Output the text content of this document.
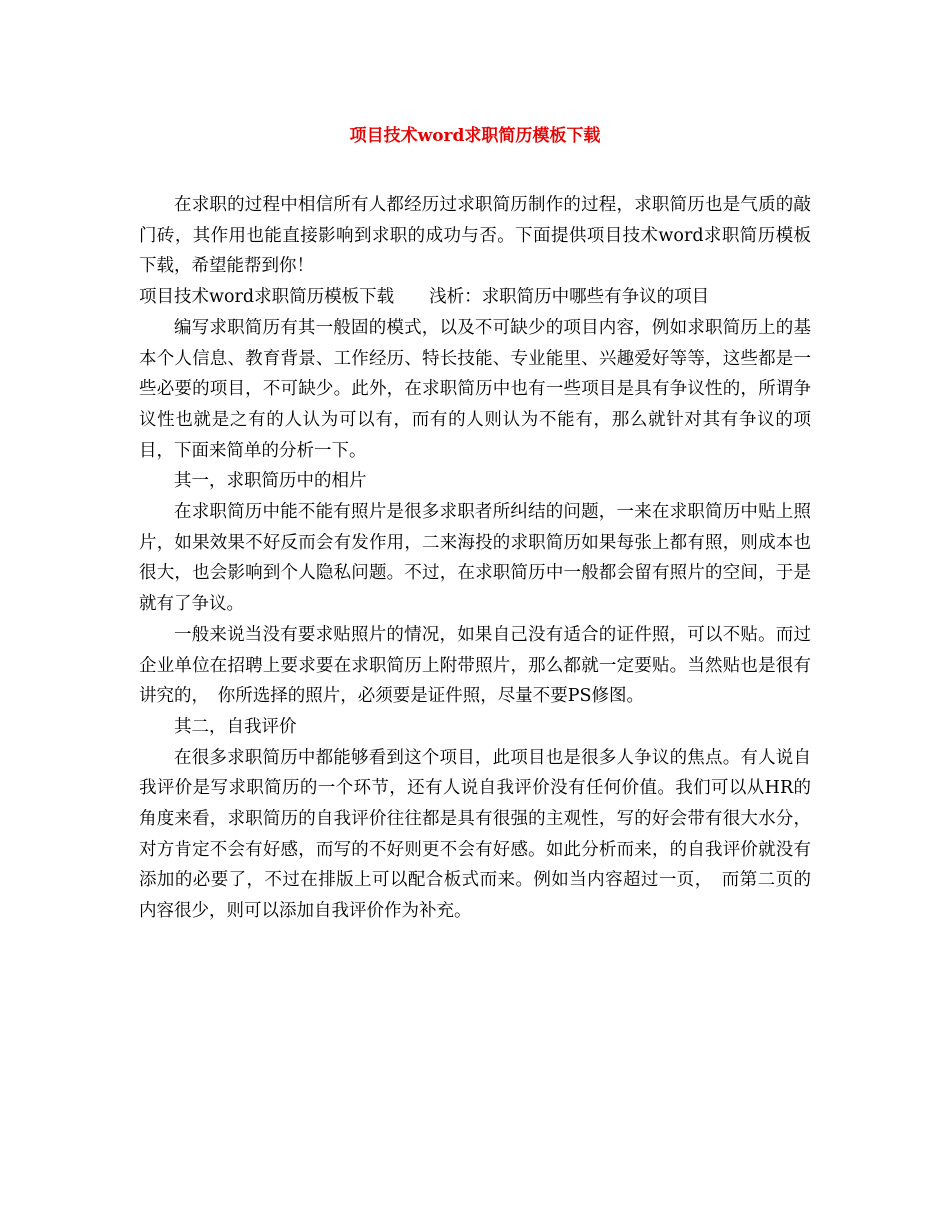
项目技术word求职简历模板下载

在求职的过程中相信所有人都经历过求职简历制作的过程，求职简历也是气质的敲门砖，其作用也能直接影响到求职的成功与否。下面提供项目技术word求职简历模板下载，希望能帮到你！

项目技术word求职简历模板下载 浅析：求职简历中哪些有争议的项目

编写求职简历有其一般固的模式，以及不可缺少的项目内容，例如求职简历上的基本个人信息、教育背景、工作经历、特长技能、专业能里、兴趣爱好等等，这些都是一些必要的项目，不可缺少。此外，在求职简历中也有一些项目是具有争议性的，所谓争议性也就是之有的人认为可以有，而有的人则认为不能有，那么就针对其有争议的项目，下面来简单的分析一下。

其一，求职简历中的相片

在求职简历中能不能有照片是很多求职者所纠结的问题，一来在求职简历中贴上照片，如果效果不好反而会有发作用，二来海投的求职简历如果每张上都有照，则成本也很大，也会影响到个人隐私问题。不过，在求职简历中一般都会留有照片的空间，于是就有了争议。

一般来说当没有要求贴照片的情况，如果自己没有适合的证件照，可以不贴。而过企业单位在招聘上要求要在求职简历上附带照片，那么都就一定要贴。当然贴也是很有讲究的，　你所选择的照片，必须要是证件照，尽量不要PS修图。

其二，自我评价

在很多求职简历中都能够看到这个项目，此项目也是很多人争议的焦点。有人说自我评价是写求职简历的一个环节，还有人说自我评价没有任何价值。我们可以从HR的角度来看，求职简历的自我评价往往都是具有很强的主观性，写的好会带有很大水分，对方肯定不会有好感，而写的不好则更不会有好感。如此分析而来，的自我评价就没有添加的必要了，不过在排版上可以配合板式而来。例如当内容超过一页，　而第二页的内容很少，则可以添加自我评价作为补充。
